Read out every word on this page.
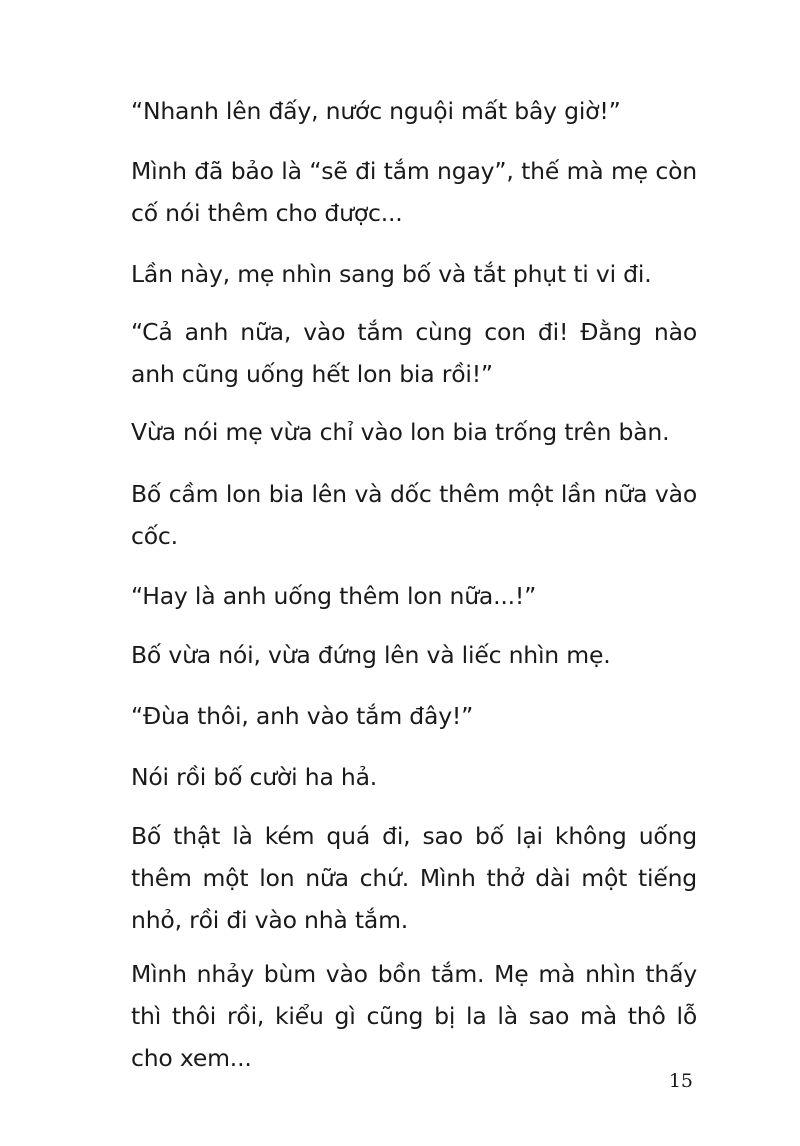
“Nhanh lên đấy, nước nguội mất bây giờ!”

Mình đã bảo là “sẽ đi tắm ngay”, thế mà mẹ còn cố nói thêm cho được...

Lần này, mẹ nhìn sang bố và tắt phụt ti vi đi.

“Cả anh nữa, vào tắm cùng con đi! Đằng nào anh cũng uống hết lon bia rồi!”

Vừa nói mẹ vừa chỉ vào lon bia trống trên bàn.

Bố cầm lon bia lên và dốc thêm một lần nữa vào cốc.

“Hay là anh uống thêm lon nữa...!”

Bố vừa nói, vừa đứng lên và liếc nhìn mẹ.

“Đùa thôi, anh vào tắm đây!”

Nói rồi bố cười ha hả.

Bố thật là kém quá đi, sao bố lại không uống thêm một lon nữa chứ. Mình thở dài một tiếng nhỏ, rồi đi vào nhà tắm.

Mình nhảy bùm vào bồn tắm. Mẹ mà nhìn thấy thì thôi rồi, kiểu gì cũng bị la là sao mà thô lỗ cho xem...

15
